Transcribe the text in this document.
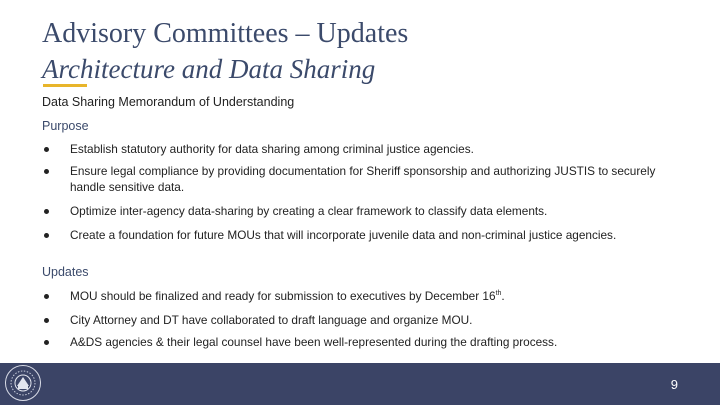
Advisory Committees – Updates
Architecture and Data Sharing
Data Sharing Memorandum of Understanding
Purpose
Establish statutory authority for data sharing among criminal justice agencies.
Ensure legal compliance by providing documentation for Sheriff sponsorship and authorizing JUSTIS to securely handle sensitive data.
Optimize inter-agency data-sharing by creating a clear framework to classify data elements.
Create a foundation for future MOUs that will incorporate juvenile data and non-criminal justice agencies.
Updates
MOU should be finalized and ready for submission to executives by December 16th.
City Attorney and DT have collaborated to draft language and organize MOU.
A&DS agencies & their legal counsel have been well-represented during the drafting process.
9
